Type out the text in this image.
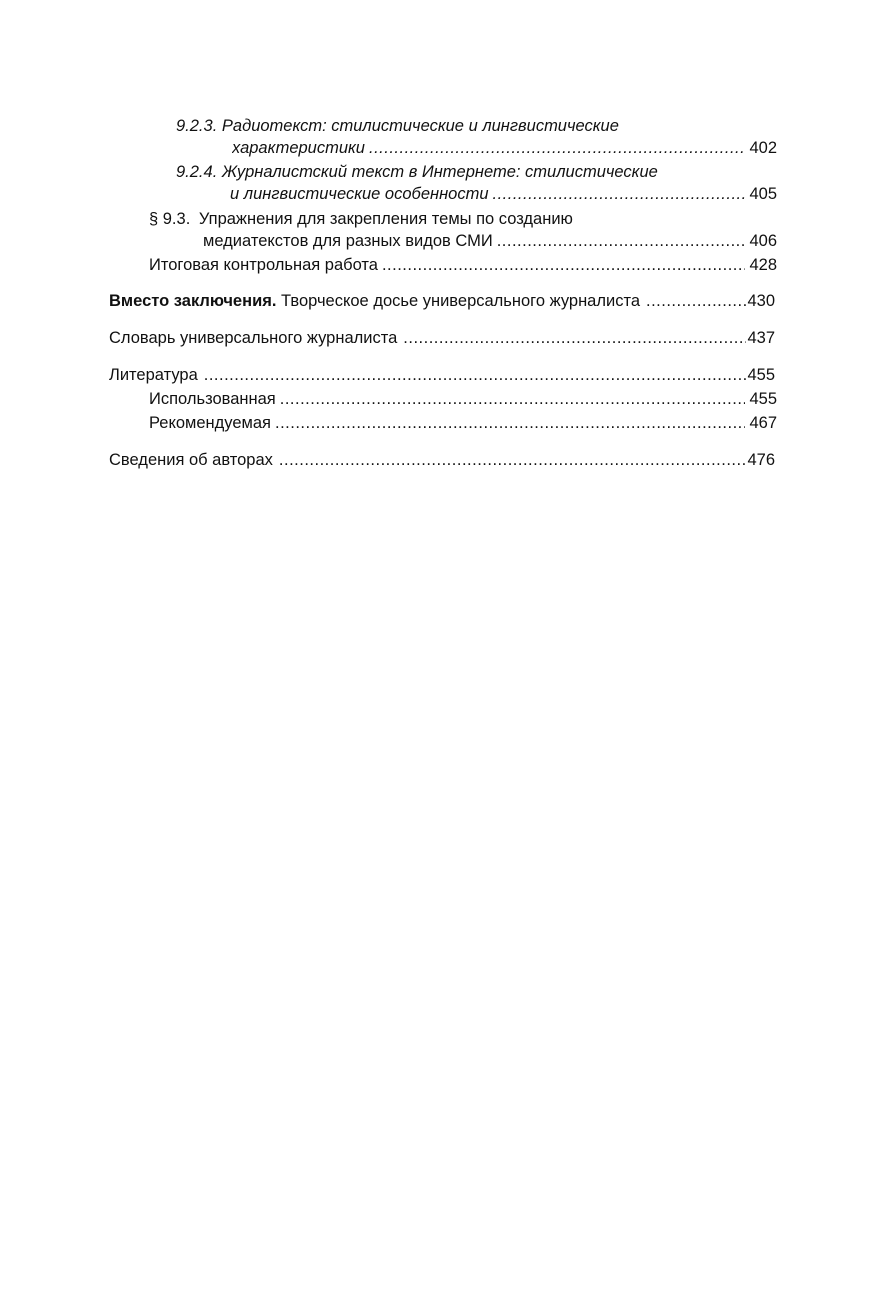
9.2.3. Радиотекст: стилистические и лингвистические
характеристики .....	402
9.2.4. Журналистский текст в Интернете: стилистические
и лингвистические особенности .....	405
§ 9.3. Упражнения для закрепления темы по созданию
медиатекстов для разных видов СМИ .....	406
Итоговая контрольная работа .....	428
Вместо заключения. Творческое досье универсального журналиста .....	430
Словарь универсального журналиста .....	437
Литература .....	455
Использованная .....	455
Рекомендуемая .....	467
Сведения об авторах .....	476
